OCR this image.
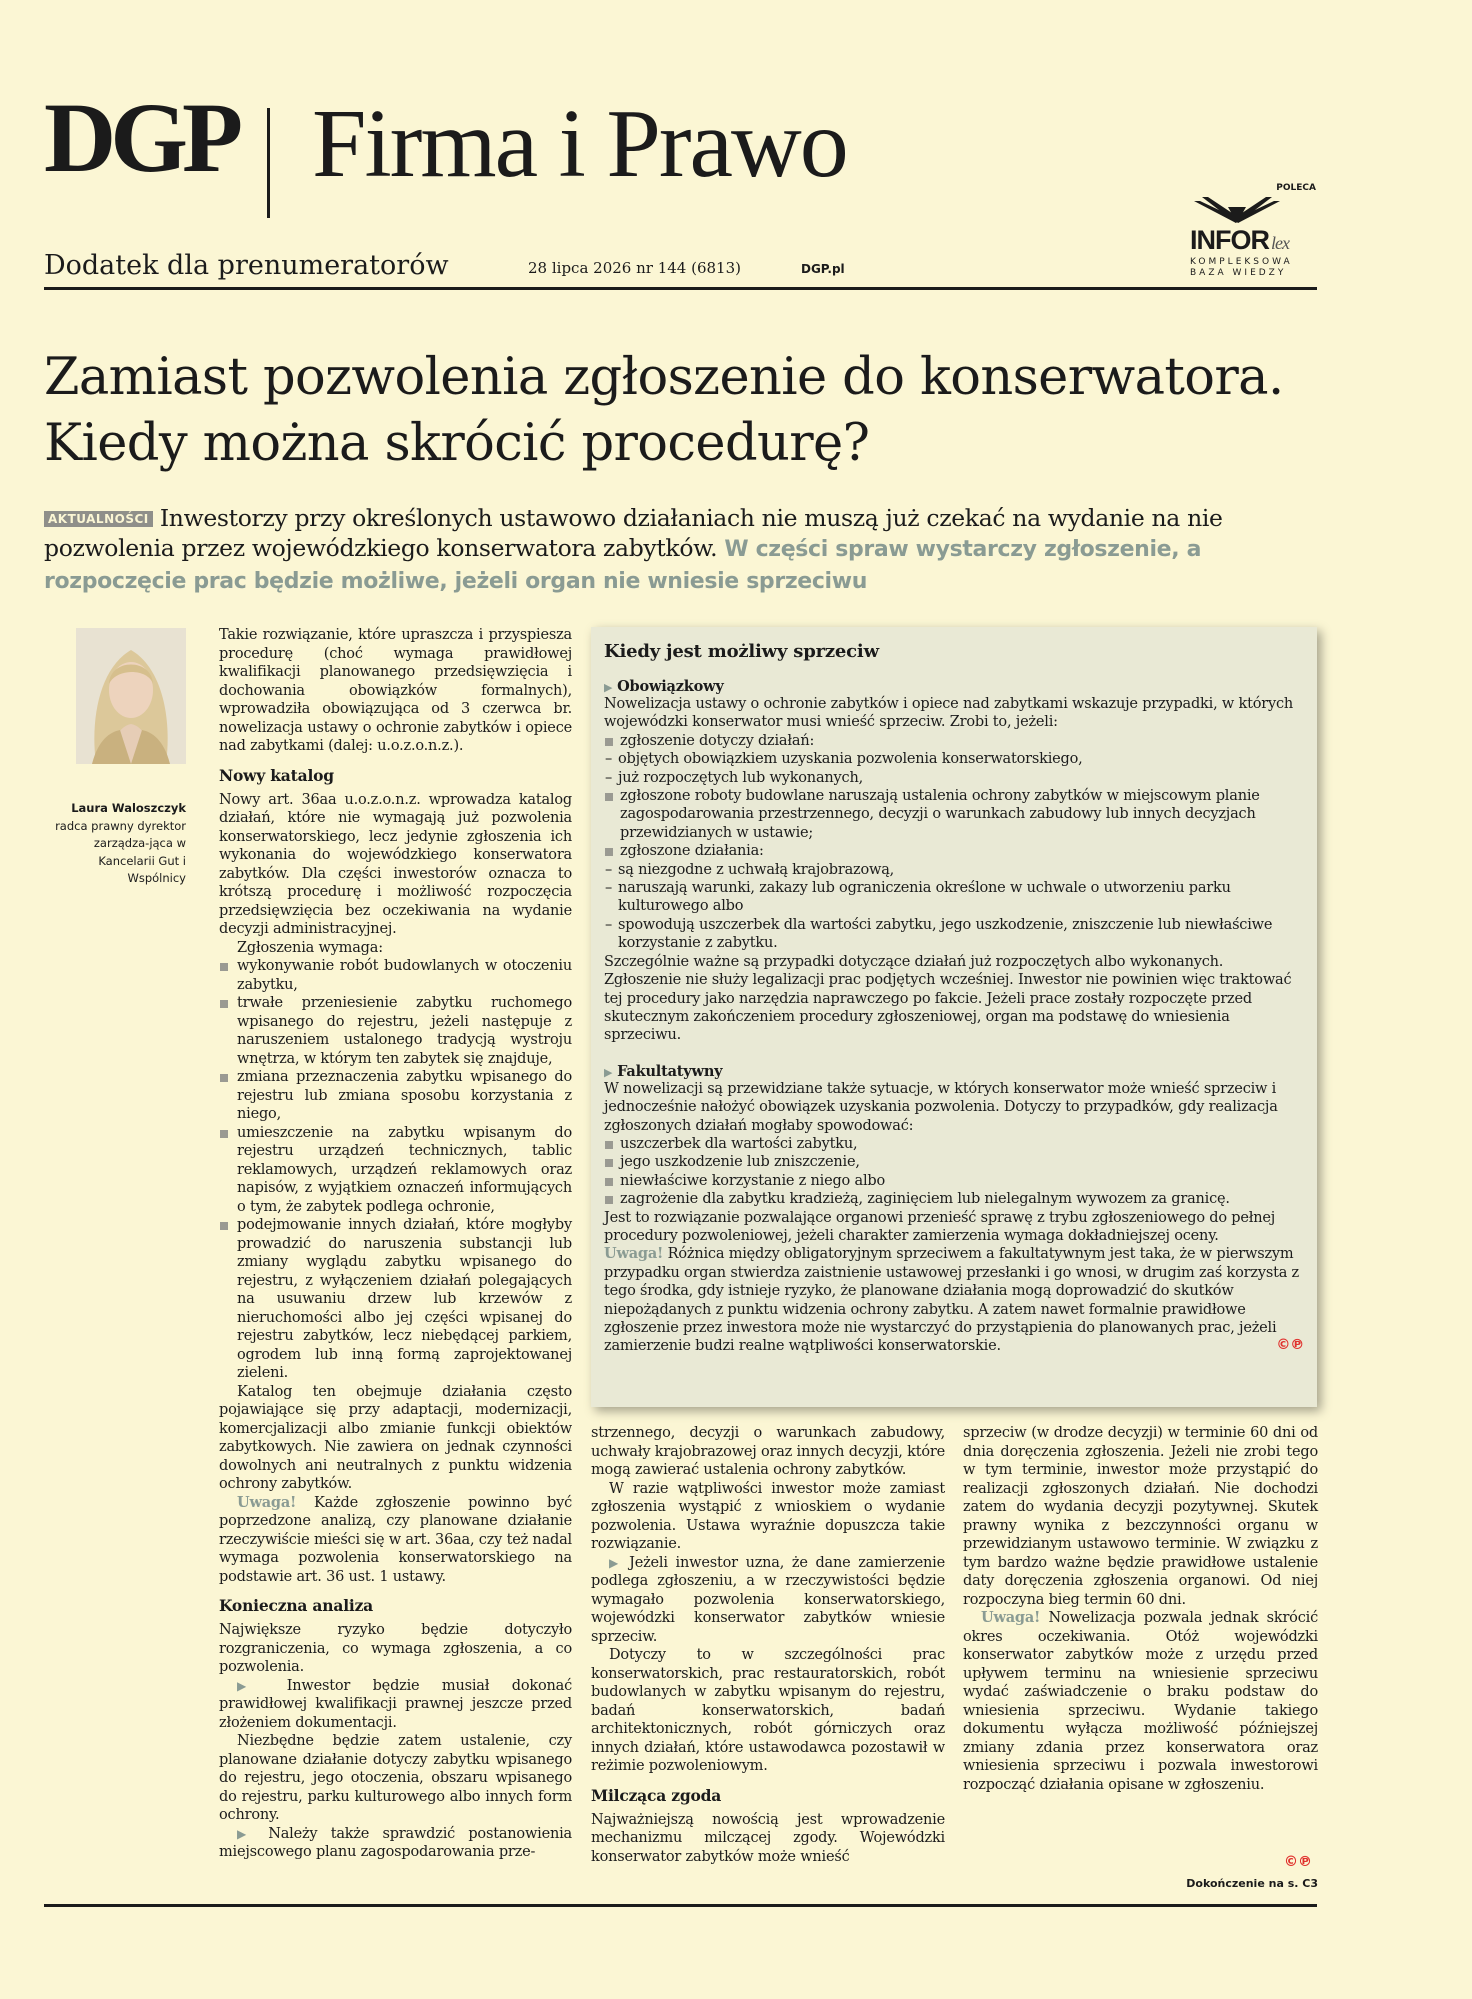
DGP Firma i Prawo
Dodatek dla prenumeratorów	28 lipca 2026 nr 144 (6813)	DGP.pl
POLECA
INFOR lex
KOMPLEKSOWA
BAZA WIEDZY
Zamiast pozwolenia zgłoszenie do konserwatora.
Kiedy można skrócić procedurę?
AKTUALNOŚCI Inwestorzy przy określonych ustawowo działaniach nie muszą już czekać na wydanie na nie pozwolenia przez wojewódzkiego konserwatora zabytków. W części spraw wystarczy zgłoszenie, a rozpoczęcie prac będzie możliwe, jeżeli organ nie wniesie sprzeciwu
Laura Waloszczyk
radca prawny dyrektor zarządza-jąca w Kancelarii Gut i Wspólnicy

Takie rozwiązanie, które upraszcza i przyspiesza procedurę (choć wymaga prawidłowej kwalifikacji planowanego przedsięwzięcia i dochowania obowiązków formalnych), wprowadziła obowiązująca od 3 czerwca br. nowelizacja ustawy o ochronie zabytków i opiece nad zabytkami (dalej: u.o.z.o.n.z.).

Nowy katalog

Nowy art. 36aa u.o.z.o.n.z. wprowadza katalog działań, które nie wymagają już pozwolenia konserwatorskiego, lecz jedynie zgłoszenia ich wykonania do wojewódzkiego konserwatora zabytków. Dla części inwestorów oznacza to krótszą procedurę i możliwość rozpoczęcia przedsięwzięcia bez oczekiwania na wydanie decyzji administracyjnej.

Zgłoszenia wymaga:

wykonywanie robót budowlanych w otoczeniu zabytku,
trwałe przeniesienie zabytku ruchomego wpisanego do rejestru, jeżeli następuje z naruszeniem ustalonego tradycją wystroju wnętrza, w którym ten zabytek się znajduje,
zmiana przeznaczenia zabytku wpisanego do rejestru lub zmiana sposobu korzystania z niego,
umieszczenie na zabytku wpisanym do rejestru urządzeń technicznych, tablic reklamowych, urządzeń reklamowych oraz napisów, z wyjątkiem oznaczeń informujących o tym, że zabytek podlega ochronie,
podejmowanie innych działań, które mogłyby prowadzić do naruszenia substancji lub zmiany wyglądu zabytku wpisanego do rejestru, z wyłączeniem działań polegających na usuwaniu drzew lub krzewów z nieruchomości albo jej części wpisanej do rejestru zabytków, lecz niebędącej parkiem, ogrodem lub inną formą zaprojektowanej zieleni.

Katalog ten obejmuje działania często pojawiające się przy adaptacji, modernizacji, komercjalizacji albo zmianie funkcji obiektów zabytkowych. Nie zawiera on jednak czynności dowolnych ani neutralnych z punktu widzenia ochrony zabytków.

Uwaga! Każde zgłoszenie powinno być poprzedzone analizą, czy planowane działanie rzeczywiście mieści się w art. 36aa, czy też nadal wymaga pozwolenia konserwatorskiego na podstawie art. 36 ust. 1 ustawy.

Konieczna analiza

Największe ryzyko będzie dotyczyło rozgraniczenia, co wymaga zgłoszenia, a co pozwolenia.

▶ Inwestor będzie musiał dokonać prawidłowej kwalifikacji prawnej jeszcze przed złożeniem dokumentacji.

Niezbędne będzie zatem ustalenie, czy planowane działanie dotyczy zabytku wpisanego do rejestru, jego otoczenia, obszaru wpisanego do rejestru, parku kulturowego albo innych form ochrony.

▶ Należy także sprawdzić postanowienia miejscowego planu zagospodarowania prze-

Kiedy jest możliwy sprzeciw
▶ Obowiązkowy

Nowelizacja ustawy o ochronie zabytków i opiece nad zabytkami wskazuje przypadki, w których wojewódzki konserwator musi wnieść sprzeciw. Zrobi to, jeżeli:

zgłoszenie dotyczy działań:
– objętych obowiązkiem uzyskania pozwolenia konserwatorskiego,
– już rozpoczętych lub wykonanych,
zgłoszone roboty budowlane naruszają ustalenia ochrony zabytków w miejscowym planie zagospodarowania przestrzennego, decyzji o warunkach zabudowy lub innych decyzjach przewidzianych w ustawie;
zgłoszone działania:
– są niezgodne z uchwałą krajobrazową,
– naruszają warunki, zakazy lub ograniczenia określone w uchwale o utworzeniu parku kulturowego albo
– spowodują uszczerbek dla wartości zabytku, jego uszkodzenie, zniszczenie lub niewłaściwe korzystanie z zabytku.

Szczególnie ważne są przypadki dotyczące działań już rozpoczętych albo wykonanych. Zgłoszenie nie służy legalizacji prac podjętych wcześniej. Inwestor nie powinien więc traktować tej procedury jako narzędzia naprawczego po fakcie. Jeżeli prace zostały rozpoczęte przed skutecznym zakończeniem procedury zgłoszeniowej, organ ma podstawę do wniesienia sprzeciwu.

▶ Fakultatywny

W nowelizacji są przewidziane także sytuacje, w których konserwator może wnieść sprzeciw i jednocześnie nałożyć obowiązek uzyskania pozwolenia. Dotyczy to przypadków, gdy realizacja zgłoszonych działań mogłaby spowodować:

uszczerbek dla wartości zabytku,
jego uszkodzenie lub zniszczenie,
niewłaściwe korzystanie z niego albo
zagrożenie dla zabytku kradzieżą, zaginięciem lub nielegalnym wywozem za granicę.

Jest to rozwiązanie pozwalające organowi przenieść sprawę z trybu zgłoszeniowego do pełnej procedury pozwoleniowej, jeżeli charakter zamierzenia wymaga dokładniejszej oceny.

Uwaga! Różnica między obligatoryjnym sprzeciwem a fakultatywnym jest taka, że w pierwszym przypadku organ stwierdza zaistnienie ustawowej przesłanki i go wnosi, w drugim zaś korzysta z tego środka, gdy istnieje ryzyko, że planowane działania mogą doprowadzić do skutków niepożądanych z punktu widzenia ochrony zabytku. A zatem nawet formalnie prawidłowe zgłoszenie przez inwestora może nie wystarczyć do przystąpienia do planowanych prac, jeżeli zamierzenie budzi realne wątpliwości konserwatorskie.	©℗

strzennego, decyzji o warunkach zabudowy, uchwały krajobrazowej oraz innych decyzji, które mogą zawierać ustalenia ochrony zabytków.

W razie wątpliwości inwestor może zamiast zgłoszenia wystąpić z wnioskiem o wydanie pozwolenia. Ustawa wyraźnie dopuszcza takie rozwiązanie.

▶ Jeżeli inwestor uzna, że dane zamierzenie podlega zgłoszeniu, a w rzeczywistości będzie wymagało pozwolenia konserwatorskiego, wojewódzki konserwator zabytków wniesie sprzeciw.

Dotyczy to w szczególności prac konserwatorskich, prac restauratorskich, robót budowlanych w zabytku wpisanym do rejestru, badań konserwatorskich, badań architektonicznych, robót górniczych oraz innych działań, które ustawodawca pozostawił w reżimie pozwoleniowym.

Milcząca zgoda

Najważniejszą nowością jest wprowadzenie mechanizmu milczącej zgody. Wojewódzki konserwator zabytków może wnieść

sprzeciw (w drodze decyzji) w terminie 60 dni od dnia doręczenia zgłoszenia. Jeżeli nie zrobi tego w tym terminie, inwestor może przystąpić do realizacji zgłoszonych działań. Nie dochodzi zatem do wydania decyzji pozytywnej. Skutek prawny wynika z bezczynności organu w przewidzianym ustawowo terminie. W związku z tym bardzo ważne będzie prawidłowe ustalenie daty doręczenia zgłoszenia organowi. Od niej rozpoczyna bieg termin 60 dni.

Uwaga! Nowelizacja pozwala jednak skrócić okres oczekiwania. Otóż wojewódzki konserwator zabytków może z urzędu przed upływem terminu na wniesienie sprzeciwu wydać zaświadczenie o braku podstaw do wniesienia sprzeciwu. Wydanie takiego dokumentu wyłącza możliwość późniejszej zmiany zdania przez konserwatora oraz wniesienia sprzeciwu i pozwala inwestorowi rozpocząć działania opisane w zgłoszeniu.

©℗
Dokończenie na s. C3
